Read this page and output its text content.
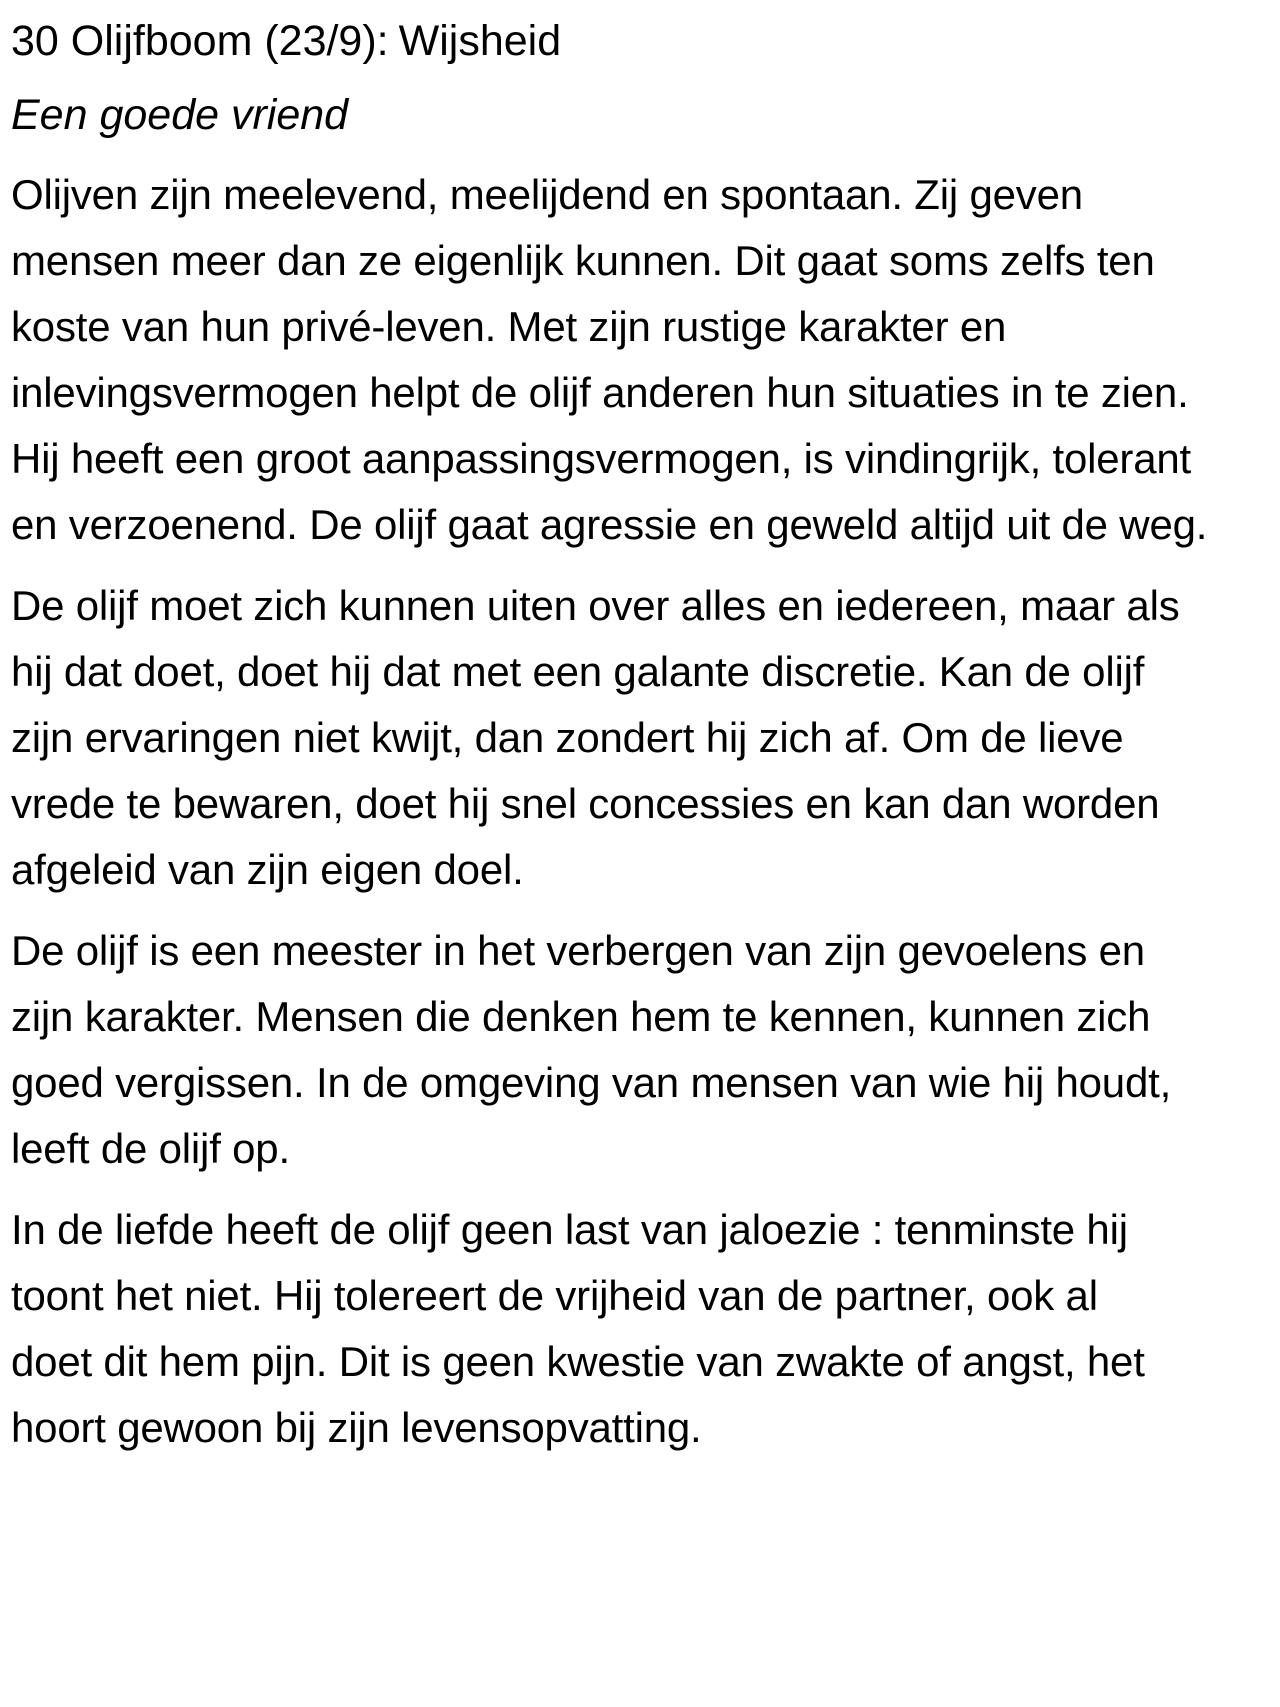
30 Olijfboom (23/9): Wijsheid
Een goede vriend
Olijven zijn meelevend, meelijdend en spontaan. Zij geven
mensen meer dan ze eigenlijk kunnen. Dit gaat soms zelfs ten
koste van hun privé-leven. Met zijn rustige karakter en
inlevingsvermogen helpt de olijf anderen hun situaties in te zien.
Hij heeft een groot aanpassingsvermogen, is vindingrijk, tolerant
en verzoenend. De olijf gaat agressie en geweld altijd uit de weg.
De olijf moet zich kunnen uiten over alles en iedereen, maar als
hij dat doet, doet hij dat met een galante discretie. Kan de olijf
zijn ervaringen niet kwijt, dan zondert hij zich af. Om de lieve
vrede te bewaren, doet hij snel concessies en kan dan worden
afgeleid van zijn eigen doel.
De olijf is een meester in het verbergen van zijn gevoelens en
zijn karakter. Mensen die denken hem te kennen, kunnen zich
goed vergissen. In de omgeving van mensen van wie hij houdt,
leeft de olijf op.
In de liefde heeft de olijf geen last van jaloezie : tenminste hij
toont het niet. Hij tolereert de vrijheid van de partner, ook al
doet dit hem pijn. Dit is geen kwestie van zwakte of angst, het
hoort gewoon bij zijn levensopvatting.
